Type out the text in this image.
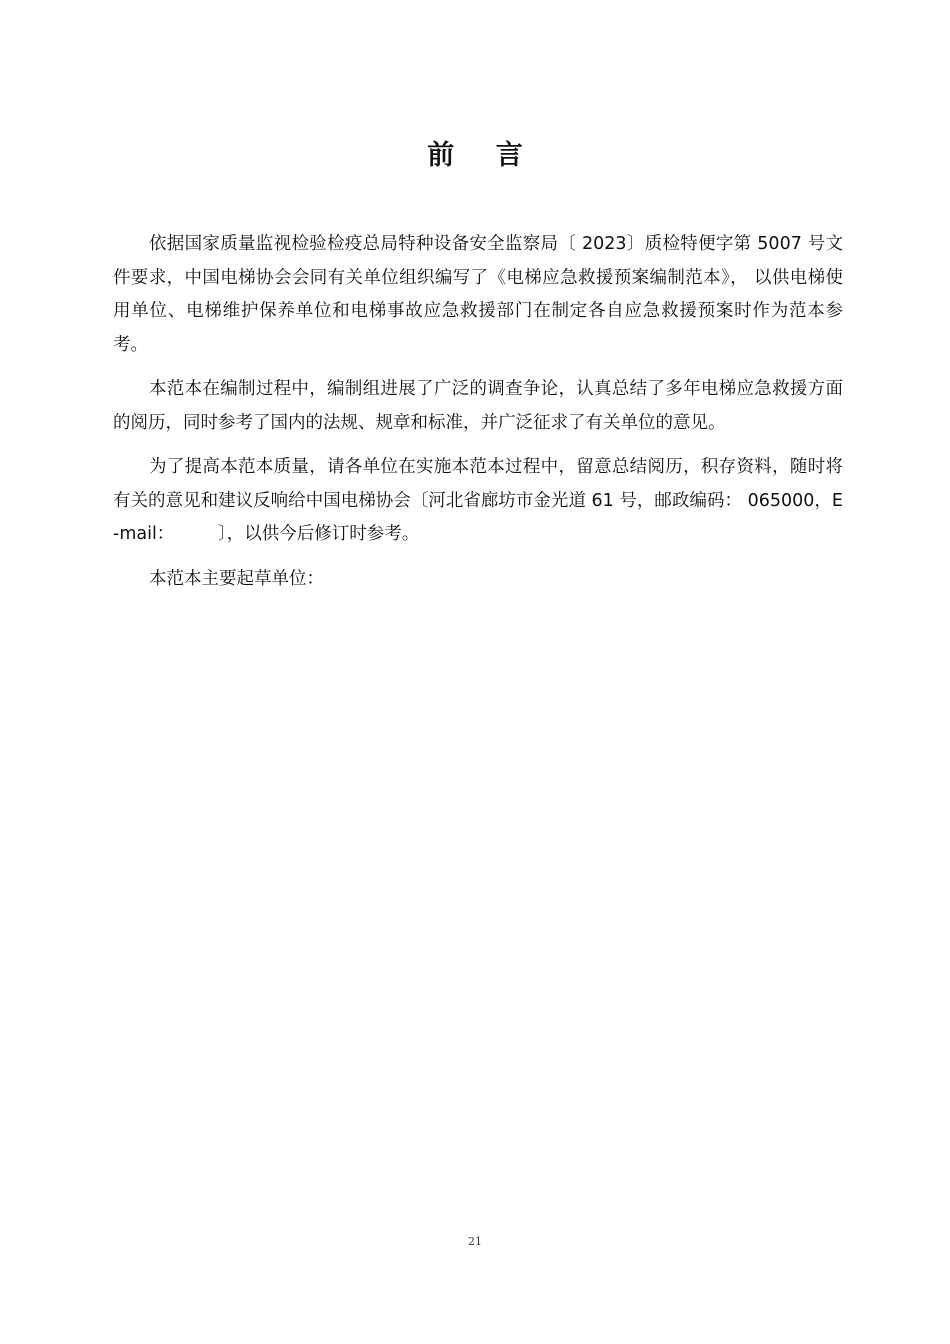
前 言

依据国家质量监视检验检疫总局特种设备安全监察局〔 2023〕质检特便字第 5007 号文件要求，中国电梯协会会同有关单位组织编写了《电梯应急救援预案编制范本》， 以供电梯使用单位、电梯维护保养单位和电梯事故应急救援部门在制定各自应急救援预案时作为范本参考。

本范本在编制过程中，编制组进展了广泛的调查争论，认真总结了多年电梯应急救援方面的阅历，同时参考了国内的法规、规章和标准，并广泛征求了有关单位的意见。

为了提高本范本质量，请各单位在实施本范本过程中，留意总结阅历，积存资料，随时将有关的意见和建议反响给中国电梯协会〔河北省廊坊市金光道 61 号，邮政编码： 065000，E-mail：　　　〕，以供今后修订时参考。

本范本主要起草单位：

21
